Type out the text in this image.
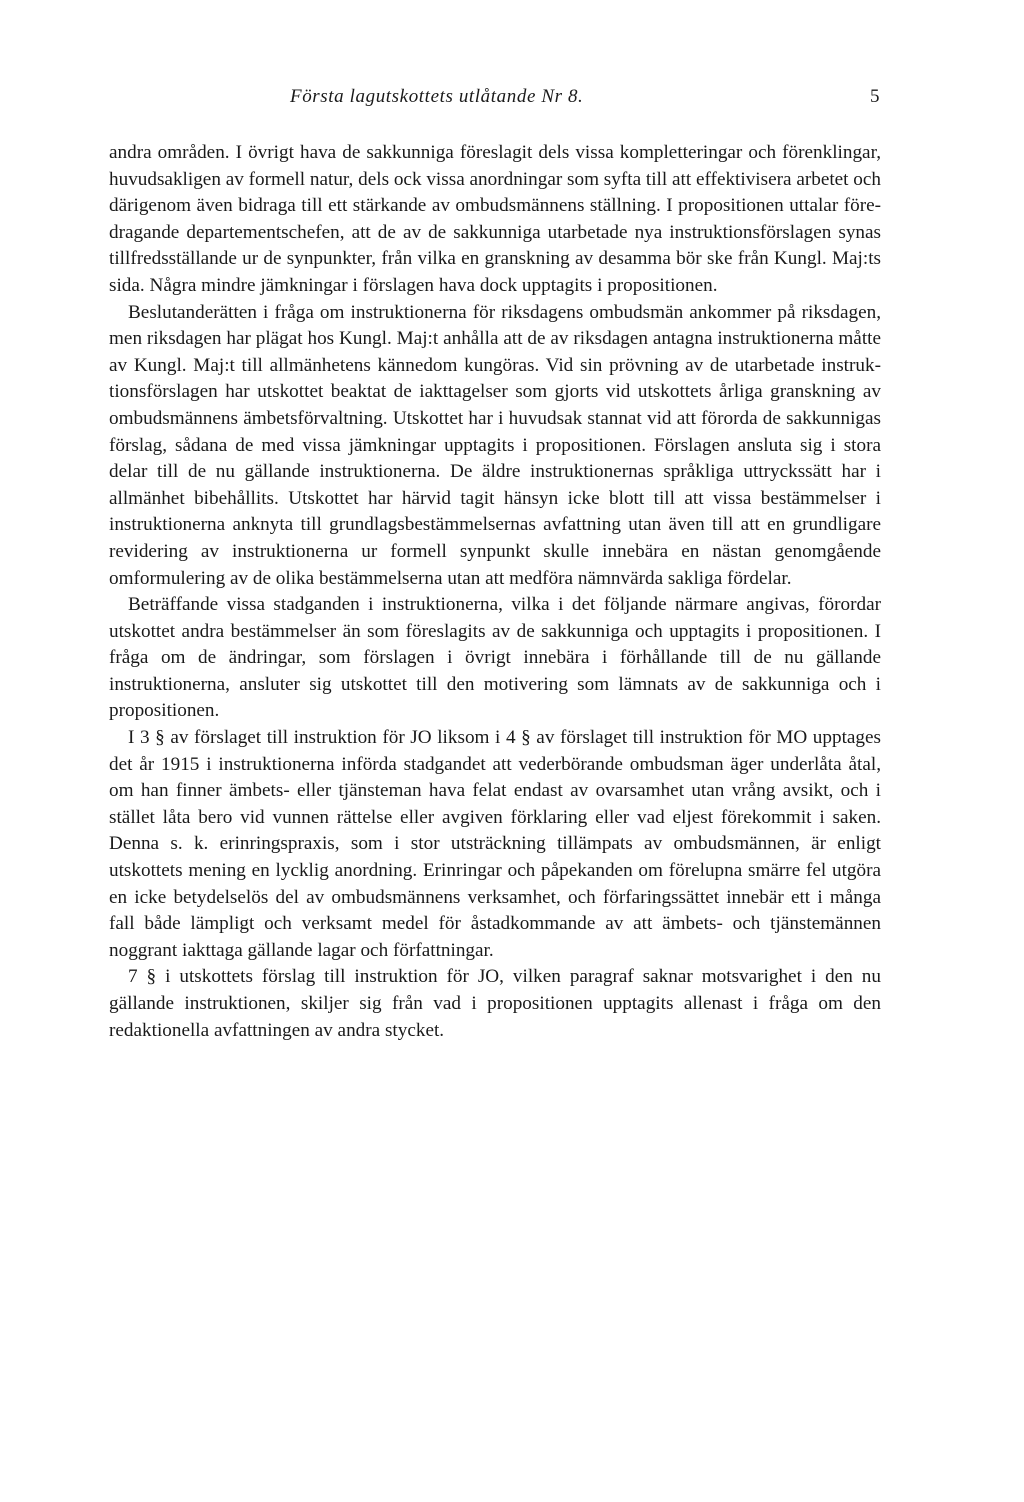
Första lagutskottets utlåtande Nr 8.	5

andra områden. I övrigt hava de sakkunniga föreslagit dels vissa kompletteringar och förenklingar, huvudsakligen av formell natur, dels ock vissa anordningar som syfta till att effektivisera arbetet och därigenom även bidraga till ett stärkande av ombudsmännens ställning. I propositionen uttalar föredragande departementschefen, att de av de sakkunniga utarbetade nya instruktionsförslagen synas tillfredsställande ur de synpunkter, från vilka en granskning av desamma bör ske från Kungl. Maj:ts sida. Några mindre jämkningar i förslagen hava dock upptagits i propositionen.

Beslutanderätten i fråga om instruktionerna för riksdagens ombudsmän ankommer på riksdagen, men riksdagen har plägat hos Kungl. Maj:t anhålla att de av riksdagen antagna instruktionerna måtte av Kungl. Maj:t till allmänhetens kännedom kungöras. Vid sin prövning av de utarbetade instruktionsförslagen har utskottet beaktat de iakttagelser som gjorts vid utskottets årliga granskning av ombudsmännens ämbetsförvaltning. Utskottet har i huvudsak stannat vid att förorda de sakkunnigas förslag, sådana de med vissa jämkningar upptagits i propositionen. Förslagen ansluta sig i stora delar till de nu gällande instruktionerna. De äldre instruktionernas språkliga uttryckssätt har i allmänhet bibehållits. Utskottet har härvid tagit hänsyn icke blott till att vissa bestämmelser i instruktionerna anknyta till grundlagsbestämmelsernas avfattning utan även till att en grundligare revidering av instruktionerna ur formell synpunkt skulle innebära en nästan genomgående omformulering av de olika bestämmelserna utan att medföra nämnvärda sakliga fördelar.

Beträffande vissa stadganden i instruktionerna, vilka i det följande närmare angivas, förordar utskottet andra bestämmelser än som föreslagits av de sakkunniga och upptagits i propositionen. I fråga om de ändringar, som förslagen i övrigt innebära i förhållande till de nu gällande instruktionerna, ansluter sig utskottet till den motivering som lämnats av de sakkunniga och i propositionen.

I 3 § av förslaget till instruktion för JO liksom i 4 § av förslaget till instruktion för MO upptages det år 1915 i instruktionerna införda stadgandet att vederbörande ombudsman äger underlåta åtal, om han finner ämbets- eller tjänsteman hava felat endast av ovarsamhet utan vrång avsikt, och i stället låta bero vid vunnen rättelse eller avgiven förklaring eller vad eljest förekommit i saken. Denna s. k. erinringspraxis, som i stor utsträckning tillämpats av ombudsmännen, är enligt utskottets mening en lycklig anordning. Erinringar och påpekanden om förelupna smärre fel utgöra en icke betydelselös del av ombudsmännens verksamhet, och förfaringssättet innebär ett i många fall både lämpligt och verksamt medel för åstadkommande av att ämbets- och tjänstemännen noggrant iakttaga gällande lagar och författningar.

7 § i utskottets förslag till instruktion för JO, vilken paragraf saknar motsvarighet i den nu gällande instruktionen, skiljer sig från vad i propositionen upptagits allenast i fråga om den redaktionella avfattningen av andra stycket.
